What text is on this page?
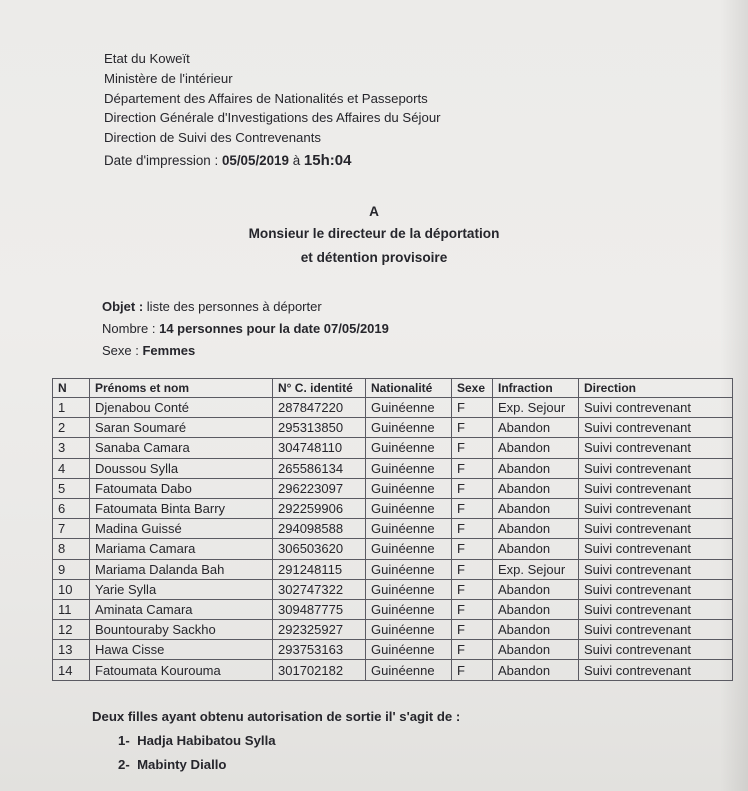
Etat du Koweït
Ministère de l'intérieur
Département des Affaires de Nationalités et Passeports
Direction Générale d'Investigations des Affaires du Séjour
Direction de Suivi des Contrevenants
Date d'impression : 05/05/2019 à 15h:04
A
Monsieur le directeur de la déportation
et détention provisoire
Objet : liste des personnes à déporter
Nombre : 14 personnes pour la date 07/05/2019
Sexe : Femmes
N	Prénoms et nom	N° C. identité	Nationalité	Sexe	Infraction	Direction
1	Djenabou Conté	287847220	Guinéenne	F	Exp. Sejour	Suivi contrevenant
2	Saran Soumaré	295313850	Guinéenne	F	Abandon	Suivi contrevenant
3	Sanaba Camara	304748110	Guinéenne	F	Abandon	Suivi contrevenant
4	Doussou Sylla	265586134	Guinéenne	F	Abandon	Suivi contrevenant
5	Fatoumata Dabo	296223097	Guinéenne	F	Abandon	Suivi contrevenant
6	Fatoumata Binta Barry	292259906	Guinéenne	F	Abandon	Suivi contrevenant
7	Madina Guissé	294098588	Guinéenne	F	Abandon	Suivi contrevenant
8	Mariama Camara	306503620	Guinéenne	F	Abandon	Suivi contrevenant
9	Mariama Dalanda Bah	291248115	Guinéenne	F	Exp. Sejour	Suivi contrevenant
10	Yarie Sylla	302747322	Guinéenne	F	Abandon	Suivi contrevenant
11	Aminata Camara	309487775	Guinéenne	F	Abandon	Suivi contrevenant
12	Bountouraby Sackho	292325927	Guinéenne	F	Abandon	Suivi contrevenant
13	Hawa Cisse	293753163	Guinéenne	F	Abandon	Suivi contrevenant
14	Fatoumata Kourouma	301702182	Guinéenne	F	Abandon	Suivi contrevenant
Deux filles ayant obtenu autorisation de sortie il' s'agit de :
1- Hadja Habibatou Sylla
2- Mabinty Diallo
